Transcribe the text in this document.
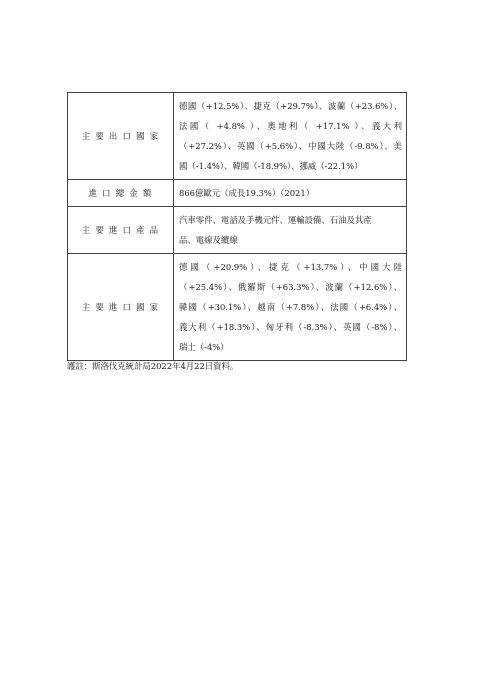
主要出口國家	德國（+12.5%）、捷克（+29.7%）、波蘭（+23.6%）、
法國（ +4.8% ）、奧地利（ +17.1% ）、義大利
（+27.2%）、英國（+5.6%）、中國大陸（-9.8%）、美
國（-1.4%）、韓國（-18.9%）、挪威（-22.1%）

進口總金額	866億歐元（成長19.3%）（2021）

主要進口產品	汽車零件、電話及手機元件、運輸設備、石油及其產
品、電線及纜線

主要進口國家	德國（+20.9%）、捷克（+13.7%）、中國大陸
（+25.4%）、俄羅斯（+63.3%）、波蘭（+12.6%）、
韓國（+30.1%）、越南（+7.8%）、法國（+6.4%）、
義大利（+18.3%）、匈牙利（-8.3%）、英國（-8%）、
瑞士（-4%）
護註：斯洛伐克統計局2022年4月22日資料。
